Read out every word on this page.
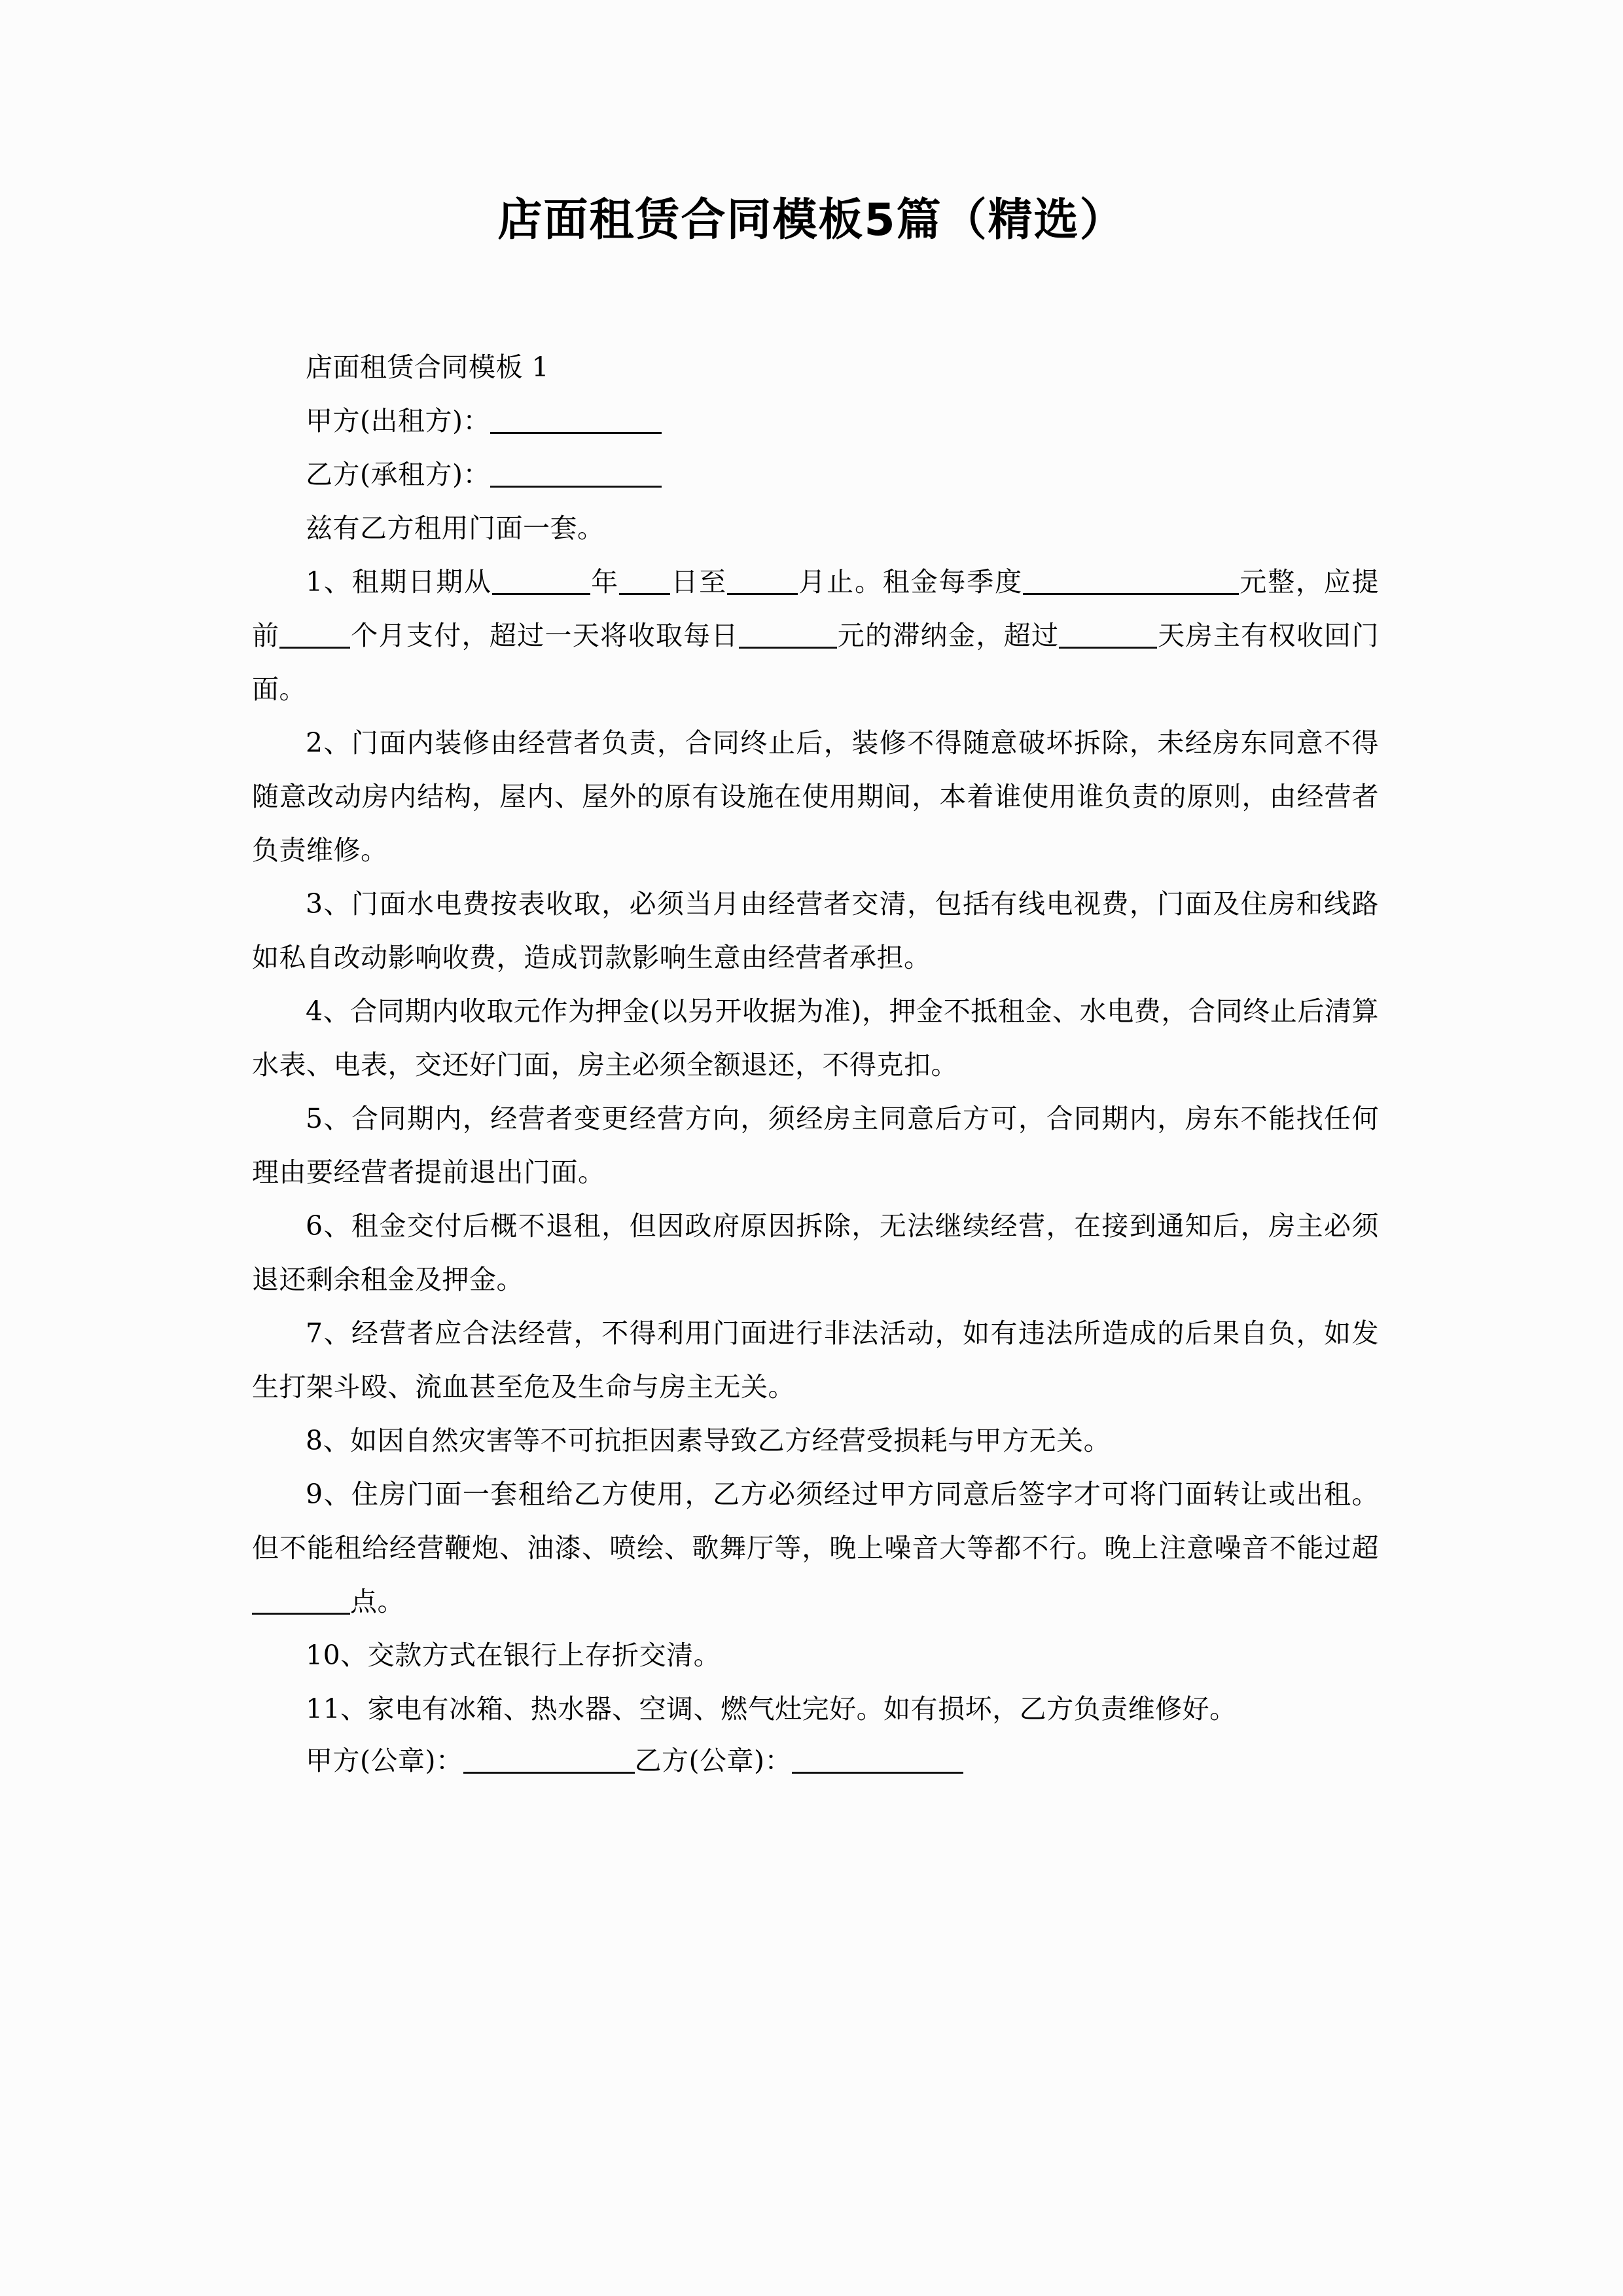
店面租赁合同模板5篇（精选）
店面租赁合同模板 1
甲方(出租方)：
乙方(承租方)：
兹有乙方租用门面一套。
1、租期日期从	年 日至	月止。租金每季度	元整，应提前	个月支付，超过一天将收取每日	元的滞纳金，超过	天房主有权收回门面。
2、门面内装修由经营者负责，合同终止后，装修不得随意破坏拆除，未经房东同意不得随意改动房内结构，屋内、屋外的原有设施在使用期间，本着谁使用谁负责的原则，由经营者负责维修。
3、门面水电费按表收取，必须当月由经营者交清，包括有线电视费，门面及住房和线路如私自改动影响收费，造成罚款影响生意由经营者承担。
4、合同期内收取元作为押金(以另开收据为准)，押金不抵租金、水电费，合同终止后清算水表、电表，交还好门面，房主必须全额退还，不得克扣。
5、合同期内，经营者变更经营方向，须经房主同意后方可，合同期内，房东不能找任何理由要经营者提前退出门面。
6、租金交付后概不退租，但因政府原因拆除，无法继续经营，在接到通知后，房主必须退还剩余租金及押金。
7、经营者应合法经营，不得利用门面进行非法活动，如有违法所造成的后果自负，如发生打架斗殴、流血甚至危及生命与房主无关。
8、如因自然灾害等不可抗拒因素导致乙方经营受损耗与甲方无关。
9、住房门面一套租给乙方使用，乙方必须经过甲方同意后签字才可将门面转让或出租。但不能租给经营鞭炮、油漆、喷绘、歌舞厅等，晚上噪音大等都不行。晚上注意噪音不能过超点。
10、交款方式在银行上存折交清。
11、家电有冰箱、热水器、空调、燃气灶完好。如有损坏，乙方负责维修好。
甲方(公章)：	乙方(公章)：
